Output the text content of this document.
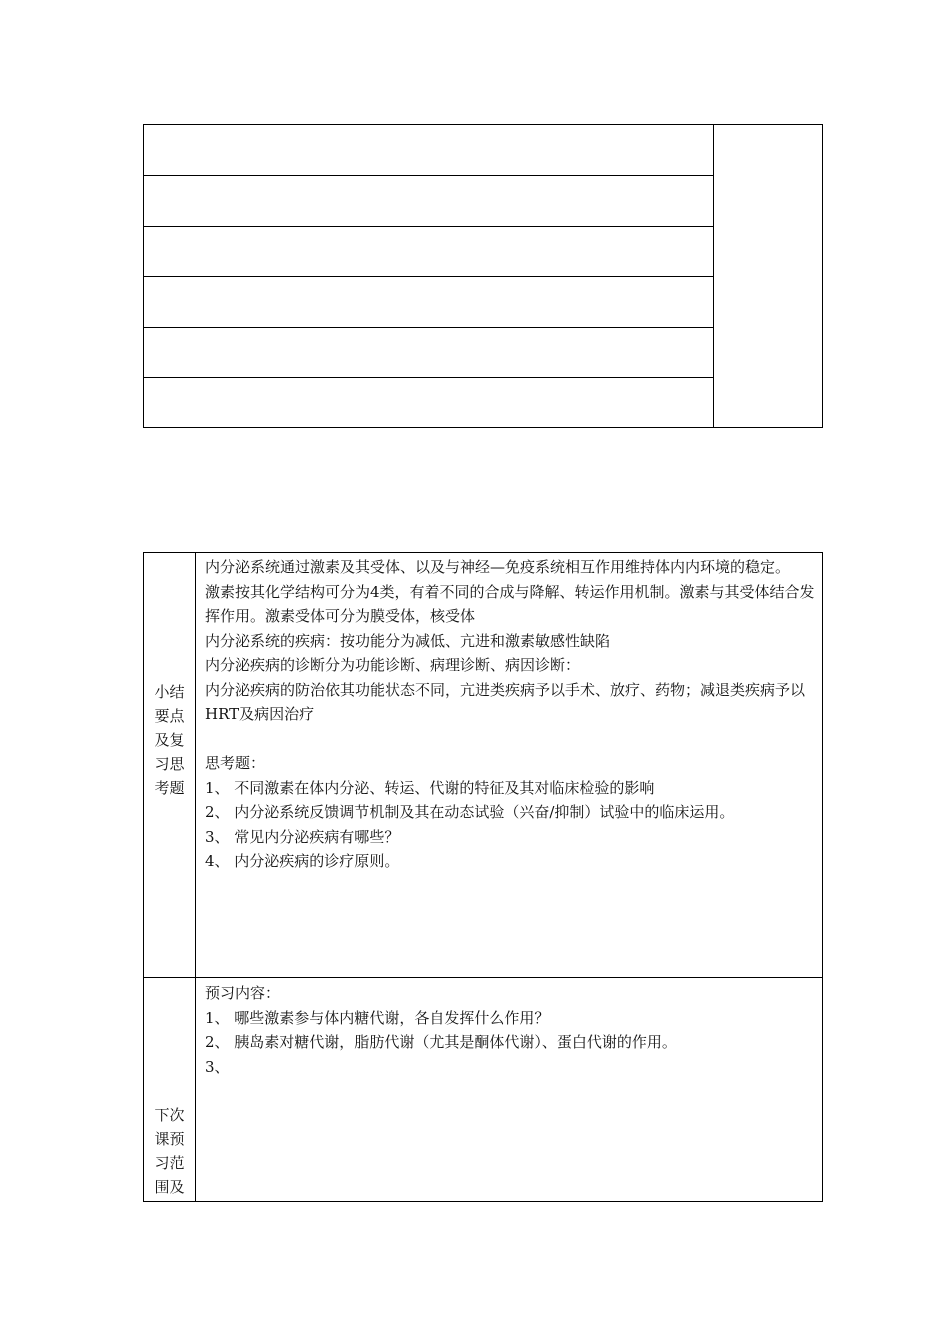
小结
要点
及复
习思
考题

内分泌系统通过激素及其受体、以及与神经—免疫系统相互作用维持体内内环境的稳定。

激素按其化学结构可分为4类，有着不同的合成与降解、转运作用机制。激素与其受体结合发挥作用。激素受体可分为膜受体，核受体

内分泌系统的疾病：按功能分为减低、亢进和激素敏感性缺陷

内分泌疾病的诊断分为功能诊断、病理诊断、病因诊断：

内分泌疾病的防治依其功能状态不同，亢进类疾病予以手术、放疗、药物；减退类疾病予以HRT及病因治疗

思考题：

1、 不同激素在体内分泌、转运、代谢的特征及其对临床检验的影响

2、 内分泌系统反馈调节机制及其在动态试验（兴奋/抑制）试验中的临床运用。

3、 常见内分泌疾病有哪些？

4、 内分泌疾病的诊疗原则。

下次
课预
习范
围及

预习内容：

1、 哪些激素参与体内糖代谢，各自发挥什么作用？

2、 胰岛素对糖代谢，脂肪代谢（尤其是酮体代谢）、蛋白代谢的作用。

3、
